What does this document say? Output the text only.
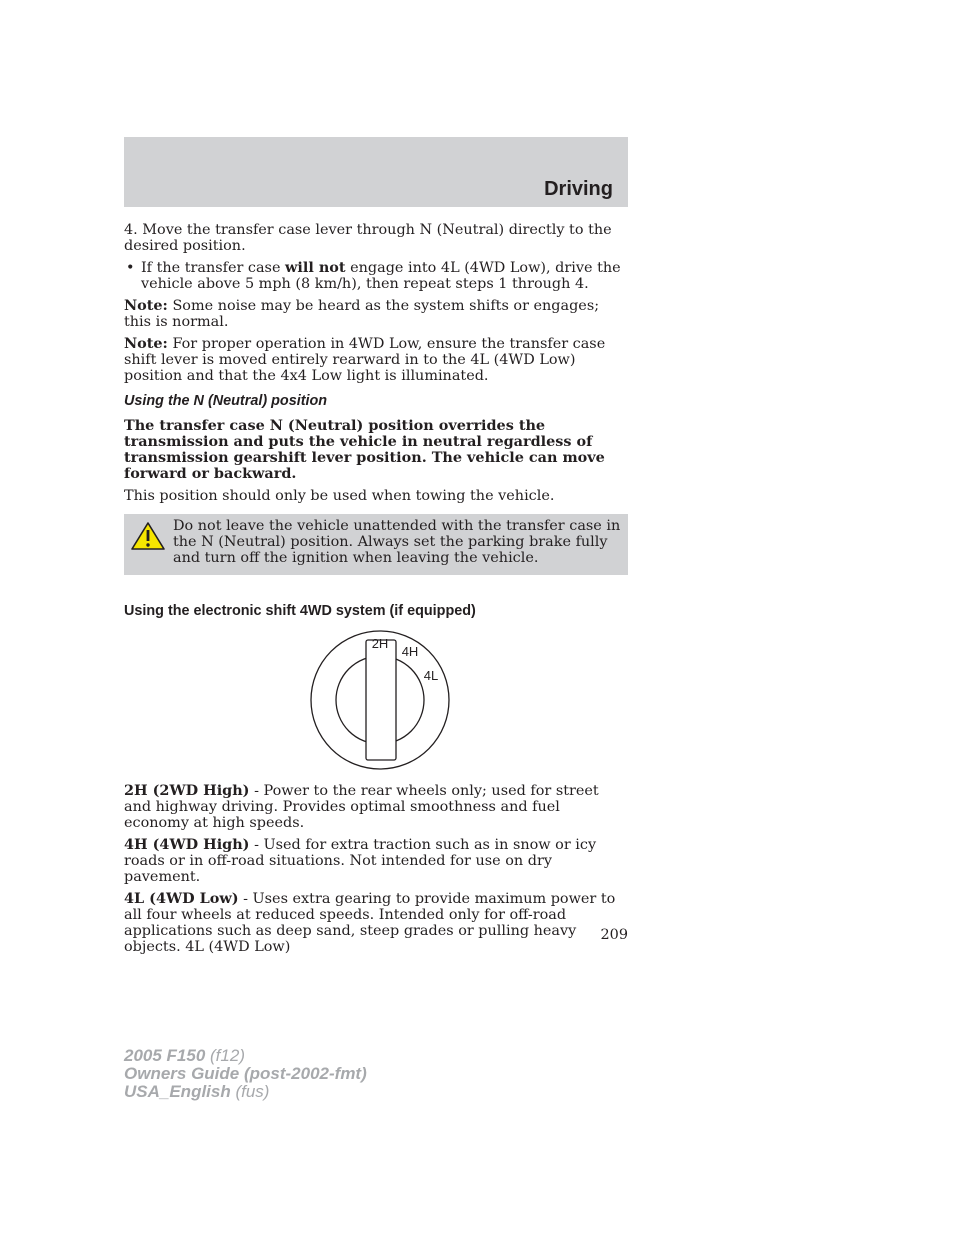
Driving

4. Move the transfer case lever through N (Neutral) directly to the desired position.

• If the transfer case will not engage into 4L (4WD Low), drive the vehicle above 5 mph (8 km/h), then repeat steps 1 through 4.

Note: Some noise may be heard as the system shifts or engages; this is normal.

Note: For proper operation in 4WD Low, ensure the transfer case shift lever is moved entirely rearward in to the 4L (4WD Low) position and that the 4x4 Low light is illuminated.

Using the N (Neutral) position

The transfer case N (Neutral) position overrides the transmission and puts the vehicle in neutral regardless of transmission gearshift lever position. The vehicle can move forward or backward.

This position should only be used when towing the vehicle.

Do not leave the vehicle unattended with the transfer case in the N (Neutral) position. Always set the parking brake fully and turn off the ignition when leaving the vehicle.

Using the electronic shift 4WD system (if equipped)

2H
4H
4L

2H (2WD High) - Power to the rear wheels only; used for street and highway driving. Provides optimal smoothness and fuel economy at high speeds.

4H (4WD High) - Used for extra traction such as in snow or icy roads or in off-road situations. Not intended for use on dry pavement.

4L (4WD Low) - Uses extra gearing to provide maximum power to all four wheels at reduced speeds. Intended only for off-road applications such as deep sand, steep grades or pulling heavy objects. 4L (4WD Low)

209
2005 F150 (f12)
Owners Guide (post-2002-fmt)
USA_English (fus)
